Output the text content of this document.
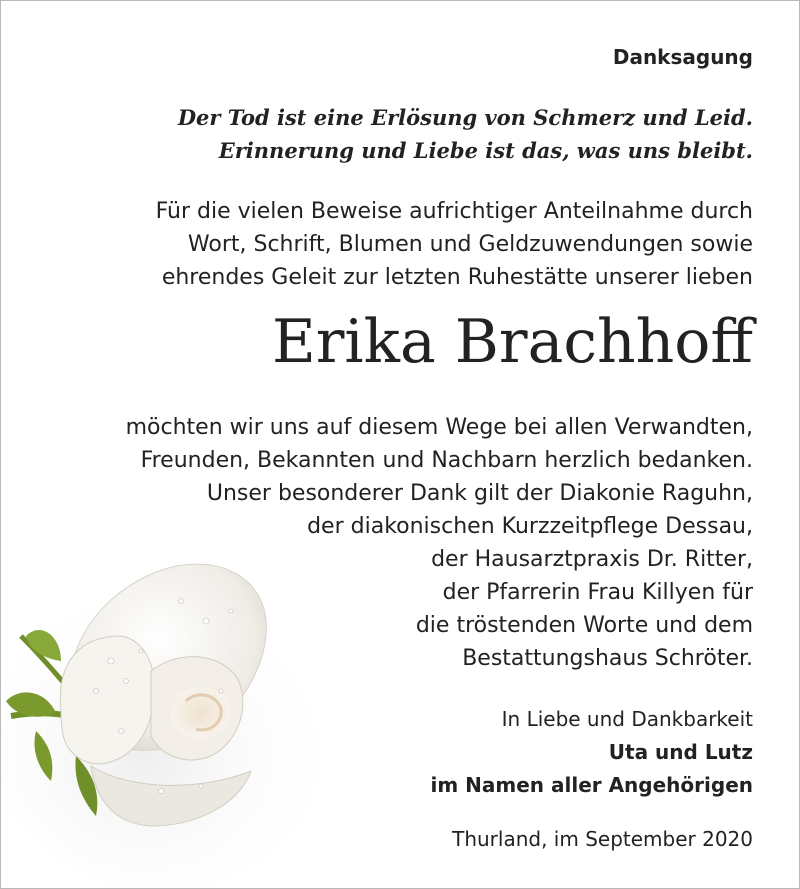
Danksagung
Der Tod ist eine Erlösung von Schmerz und Leid.
Erinnerung und Liebe ist das, was uns bleibt.
Für die vielen Beweise aufrichtiger Anteilnahme durch
Wort, Schrift, Blumen und Geldzuwendungen sowie
ehrendes Geleit zur letzten Ruhestätte unserer lieben
Erika Brachhoff
möchten wir uns auf diesem Wege bei allen Verwandten,
Freunden, Bekannten und Nachbarn herzlich bedanken.
Unser besonderer Dank gilt der Diakonie Raguhn,
der diakonischen Kurzzeitpflege Dessau,
der Hausarztpraxis Dr. Ritter,
der Pfarrerin Frau Killyen für
die tröstenden Worte und dem
Bestattungshaus Schröter.
In Liebe und Dankbarkeit
Uta und Lutz
im Namen aller Angehörigen
Thurland, im September 2020
